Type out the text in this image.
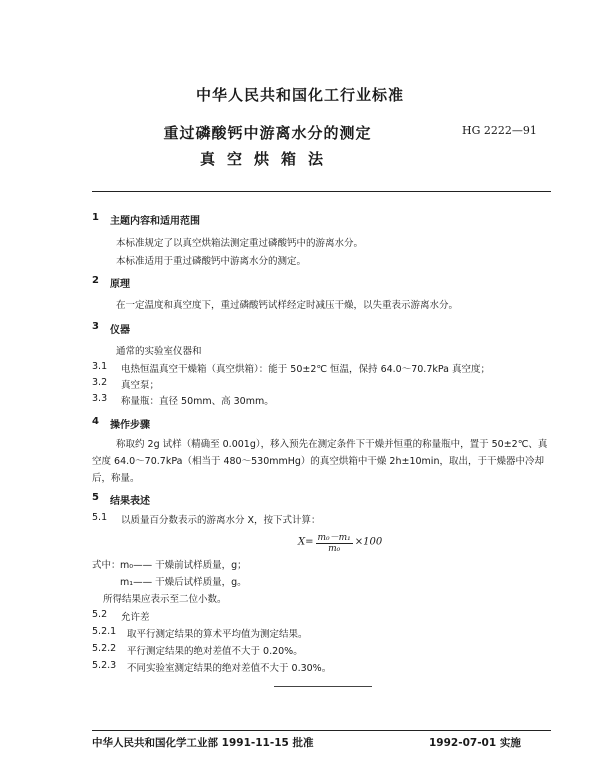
中华人民共和国化工行业标准
重过磷酸钙中游离水分的测定
真空烘箱法
HG 2222—91
1 主题内容和适用范围
本标准规定了以真空烘箱法测定重过磷酸钙中的游离水分。
本标准适用于重过磷酸钙中游离水分的测定。
2 原理
在一定温度和真空度下，重过磷酸钙试样经定时减压干燥，以失重表示游离水分。
3 仪器
通常的实验室仪器和
3.1 电热恒温真空干燥箱（真空烘箱）：能于 50±2℃ 恒温，保持 64.0～70.7kPa 真空度；
3.2 真空泵；
3.3 称量瓶：直径 50mm、高 30mm。
4 操作步骤
称取约 2g 试样（精确至 0.001g），移入预先在测定条件下干燥并恒重的称量瓶中，置于 50±2℃、真
空度 64.0～70.7kPa（相当于 480～530mmHg）的真空烘箱中干燥 2h±10min，取出，于干燥器中冷却
后，称量。
5 结果表述
5.1 以质量百分数表示的游离水分 X，按下式计算：
$X= \frac{\text{m₀－m₁}}{\text{m₀}} \times 100$
式中： m₀—— 干燥前试样质量，g；
m₁—— 干燥后试样质量，g。
所得结果应表示至二位小数。
5.2 允许差
5.2.1 取平行测定结果的算术平均值为测定结果。
5.2.2 平行测定结果的绝对差值不大于 0.20%。
5.2.3 不同实验室测定结果的绝对差值不大于 0.30%。
中华人民共和国化学工业部 1991-11-15 批准	1992-07-01 实施
